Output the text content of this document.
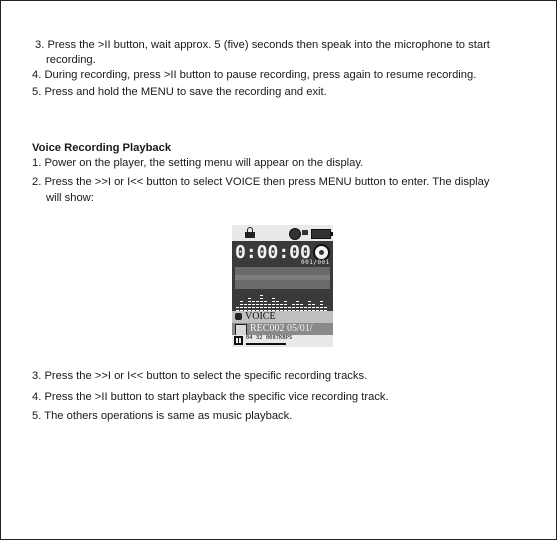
3. Press the >II button, wait approx. 5 (five) seconds then speak into the microphone to start
recording.
4. During recording, press >II button to pause recording, press again to resume recording.
5. Press and hold the MENU to save the recording and exit.
Voice Recording Playback
1. Power on the player, the setting menu will appear on the display.
2. Press the >>I or I<< button to select VOICE then press MENU button to enter. The display
will show:
0:00:00
001/001
VOICE
REC002 05/01/
04 32 0087KBPS
3. Press the >>I or I<< button to select the specific recording tracks.
4. Press the >II button to start playback the specific vice recording track.
5. The others operations is same as music playback.
